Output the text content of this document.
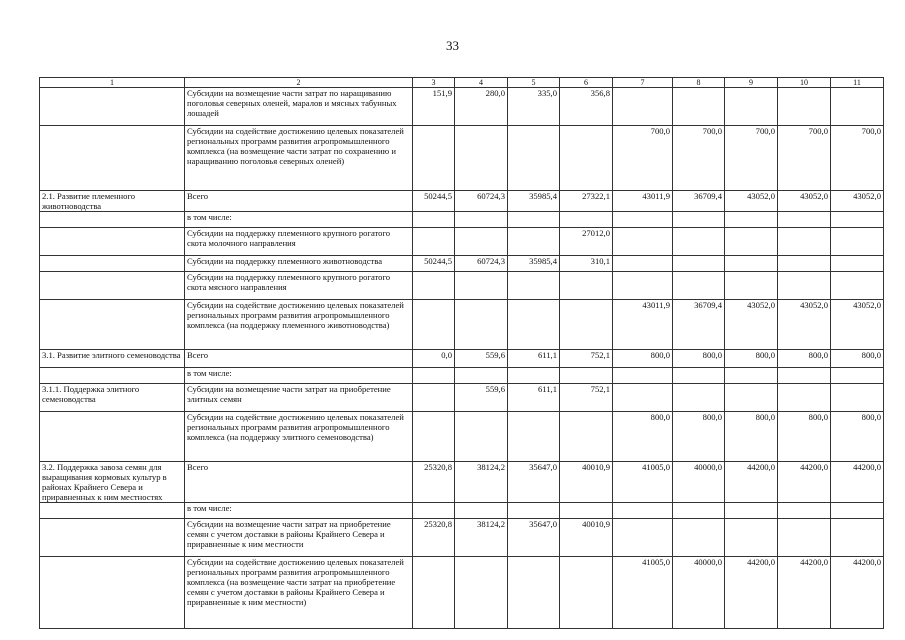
33
1	2	3	4	5	6	7	8	9	10	11
	Субсидии на возмещение части затрат по наращиванию поголовья северных оленей, маралов и мясных табунных лошадей	151,9	280,0	335,0	356,8					
	Субсидии на содействие достижению целевых показателей региональных программ развития агропромышленного комплекса (на возмещение части затрат по сохранению и наращиванию поголовья северных оленей)					700,0	700,0	700,0	700,0	700,0
2.1. Развитие племенного животноводства	Всего	50244,5	60724,3	35985,4	27322,1	43011,9	36709,4	43052,0	43052,0	43052,0
	в том числе:									
	Субсидии на поддержку племенного крупного рогатого скота молочного направления				27012,0					
	Субсидии на поддержку племенного животноводства	50244,5	60724,3	35985,4	310,1					
	Субсидии на поддержку племенного крупного рогатого скота мясного направления									
	Субсидии на содействие достижению целевых показателей региональных программ развития агропромышленного комплекса (на поддержку племенного животноводства)					43011,9	36709,4	43052,0	43052,0	43052,0
3.1. Развитие элитного семеноводства	Всего	0,0	559,6	611,1	752,1	800,0	800,0	800,0	800,0	800,0
	в том числе:									
3.1.1. Поддержка элитного семеноводства	Субсидии на возмещение части затрат на приобретение элитных семян		559,6	611,1	752,1					
	Субсидии на содействие достижению целевых показателей региональных программ развития агропромышленного комплекса (на поддержку элитного семеноводства)					800,0	800,0	800,0	800,0	800,0
3.2. Поддержка завоза семян для выращивания кормовых культур в районах Крайнего Севера и приравненных к ним местностях	Всего	25320,8	38124,2	35647,0	40010,9	41005,0	40000,0	44200,0	44200,0	44200,0
	в том числе:									
	Субсидии на возмещение части затрат на приобретение семян с учетом доставки в районы Крайнего Севера и приравненные к ним местности	25320,8	38124,2	35647,0	40010,9					
	Субсидии на содействие достижению целевых показателей региональных программ развития агропромышленного комплекса (на возмещение части затрат на приобретение семян с учетом доставки в районы Крайнего Севера и приравненные к ним местности)					41005,0	40000,0	44200,0	44200,0	44200,0
